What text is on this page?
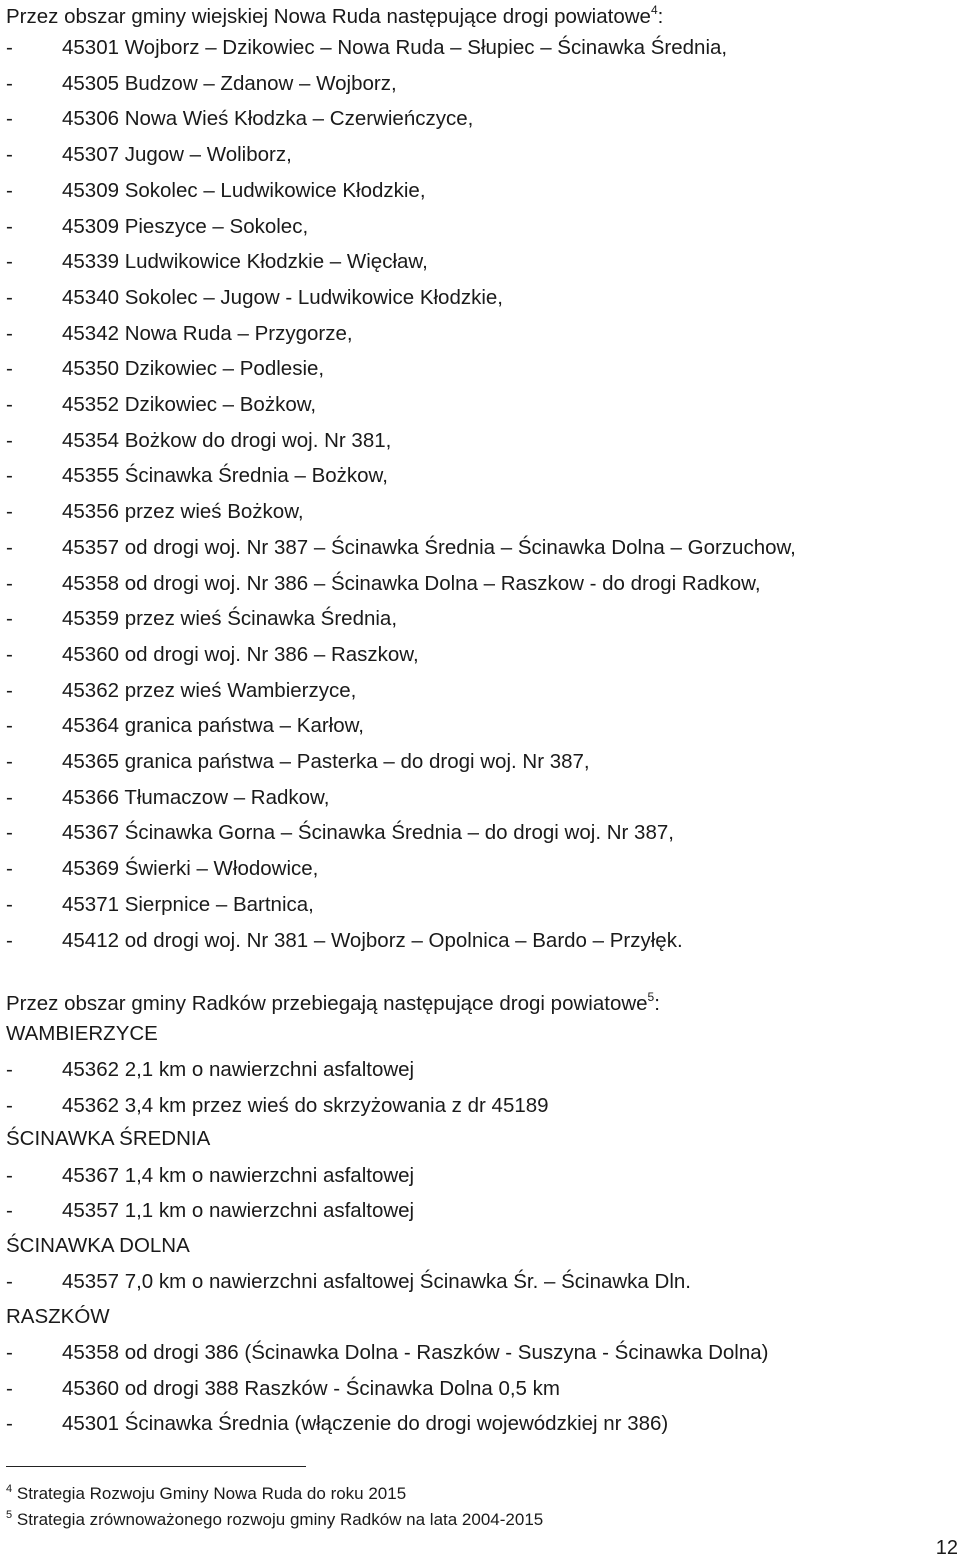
Przez obszar gminy wiejskiej Nowa Ruda następujące drogi powiatowe$^4$:
-	45301 Wojborz – Dzikowiec – Nowa Ruda – Słupiec – Ścinawka Średnia,
-	45305 Budzow – Zdanow – Wojborz,
-	45306 Nowa Wieś Kłodzka – Czerwieńczyce,
-	45307 Jugow – Woliborz,
-	45309 Sokolec – Ludwikowice Kłodzkie,
-	45309 Pieszyce – Sokolec,
-	45339 Ludwikowice Kłodzkie – Więcław,
-	45340 Sokolec – Jugow - Ludwikowice Kłodzkie,
-	45342 Nowa Ruda – Przygorze,
-	45350 Dzikowiec – Podlesie,
-	45352 Dzikowiec – Bożkow,
-	45354 Bożkow do drogi woj. Nr 381,
-	45355 Ścinawka Średnia – Bożkow,
-	45356 przez wieś Bożkow,
-	45357 od drogi woj. Nr 387 – Ścinawka Średnia – Ścinawka Dolna – Gorzuchow,
-	45358 od drogi woj. Nr 386 – Ścinawka Dolna – Raszkow - do drogi Radkow,
-	45359 przez wieś Ścinawka Średnia,
-	45360 od drogi woj. Nr 386 – Raszkow,
-	45362 przez wieś Wambierzyce,
-	45364 granica państwa – Karłow,
-	45365 granica państwa – Pasterka – do drogi woj. Nr 387,
-	45366 Tłumaczow – Radkow,
-	45367 Ścinawka Gorna – Ścinawka Średnia – do drogi woj. Nr 387,
-	45369 Świerki – Włodowice,
-	45371 Sierpnice – Bartnica,
-	45412 od drogi woj. Nr 381 – Wojborz – Opolnica – Bardo – Przyłęk.
Przez obszar gminy Radków przebiegają następujące drogi powiatowe$^5$:
WAMBIERZYCE
-	45362 2,1 km o nawierzchni asfaltowej
-	45362 3,4 km przez wieś do skrzyżowania z dr 45189
ŚCINAWKA ŚREDNIA
-	45367 1,4 km o nawierzchni asfaltowej
-	45357 1,1 km o nawierzchni asfaltowej
ŚCINAWKA DOLNA
-	45357 7,0 km o nawierzchni asfaltowej Ścinawka Śr. – Ścinawka Dln.
RASZKÓW
-	45358 od drogi 386 (Ścinawka Dolna - Raszków - Suszyna - Ścinawka Dolna)
-	45360 od drogi 388 Raszków - Ścinawka Dolna 0,5 km
-	45301 Ścinawka Średnia (włączenie do drogi wojewódzkiej nr 386)
$^4$ Strategia Rozwoju Gminy Nowa Ruda do roku 2015
$^5$ Strategia zrównoważonego rozwoju gminy Radków na lata 2004-2015
12
